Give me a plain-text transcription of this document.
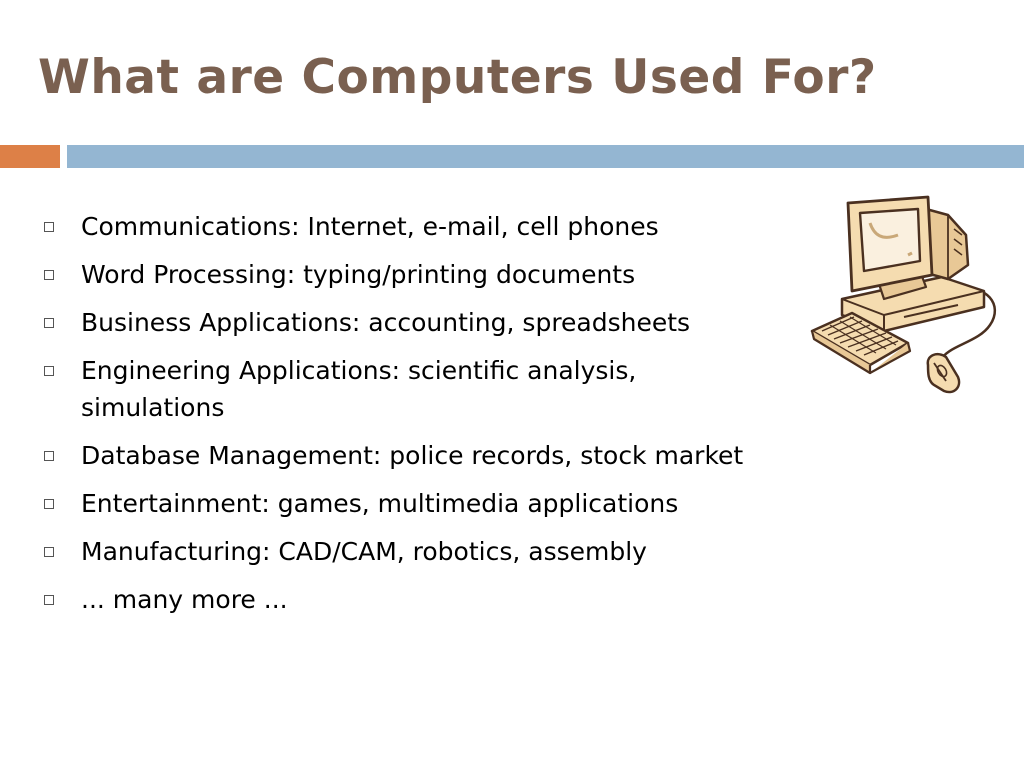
What are Computers Used For?
Communications: Internet, e-mail, cell phones
Word Processing: typing/printing documents
Business Applications: accounting, spreadsheets
Engineering Applications: scientific analysis, simulations
Database Management: police records, stock market
Entertainment: games, multimedia applications
Manufacturing: CAD/CAM, robotics, assembly
... many more ...
